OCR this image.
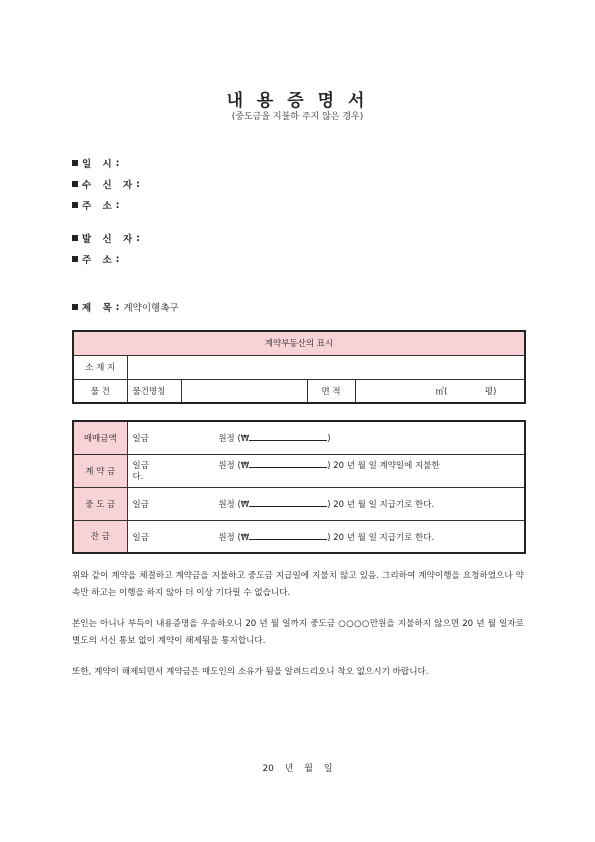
내 용 증 명 서
(중도금을 지불하 주지 않은 경우)
일 시 :
수 신 자 :
주 소 :
발 신 자 :
주 소 :
제 목 : 계약이행촉구
계약부동산의 표시				
소 재 지				
물 건	물건명칭		면 적	㎡( 평)
매매금액	일금 원정 (₩ )
계 약 금	일금 원정 (₩ ) 20 년 월 일 계약일에 지불한
다.
중 도 금	일금 원정 (₩ ) 20 년 월 일 지급기로 한다.
잔 금	일금 원정 (₩ ) 20 년 월 일 지급기로 한다.
위와 같이 계약을 체결하고 계약금을 지불하고 중도금 지급일에 지불치 않고 있음. 그리하여 계약이행을 요청하였으나 약속만 하고는 이행을 하지 않아 더 이상 기다릴 수 없습니다.
본인는 아니나 부득이 내용증명을 우송하오니 20 년 월 일까지 중도금 ○○○○만원을 지불하지 않으면 20 년 월 일자로 별도의 서신 통보 없이 계약이 해제됨을 통지합니다.
또한, 계약이 해제되면서 계약금은 매도인의 소유가 됨을 알려드리오니 착오 없으시기 바랍니다.
20 년 월 일
